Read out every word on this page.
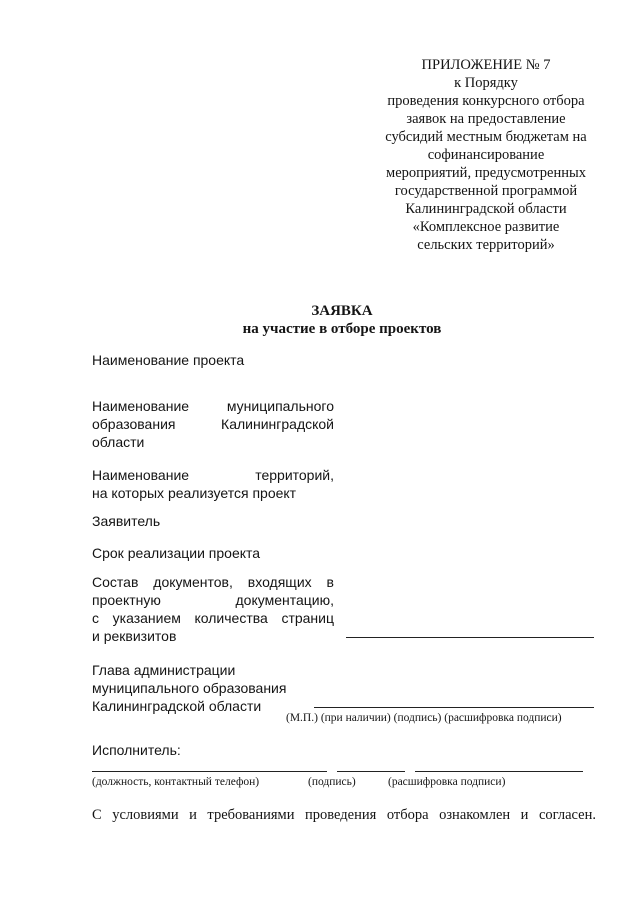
ПРИЛОЖЕНИЕ № 7
к Порядку
проведения конкурсного отбора
заявок на предоставление
субсидий местным бюджетам на
софинансирование
мероприятий, предусмотренных
государственной программой
Калининградской области
«Комплексное развитие
сельских территорий»
ЗАЯВКА
на участие в отборе проектов
Наименование проекта
Наименование	муниципального
образования	Калининградской
области
Наименование	территорий,
на которых реализуется проект
Заявитель
Срок реализации проекта
Состав документов, входящих в
проектную документацию,
с указанием количества страниц
и реквизитов
Глава администрации
муниципального образования
Калининградской области
(М.П.) (при наличии) (подпись) (расшифровка подписи)
Исполнитель:
(должность, контактный телефон)	(подпись)	(расшифровка подписи)
С условиями и требованиями проведения отбора ознакомлен и согласен.
